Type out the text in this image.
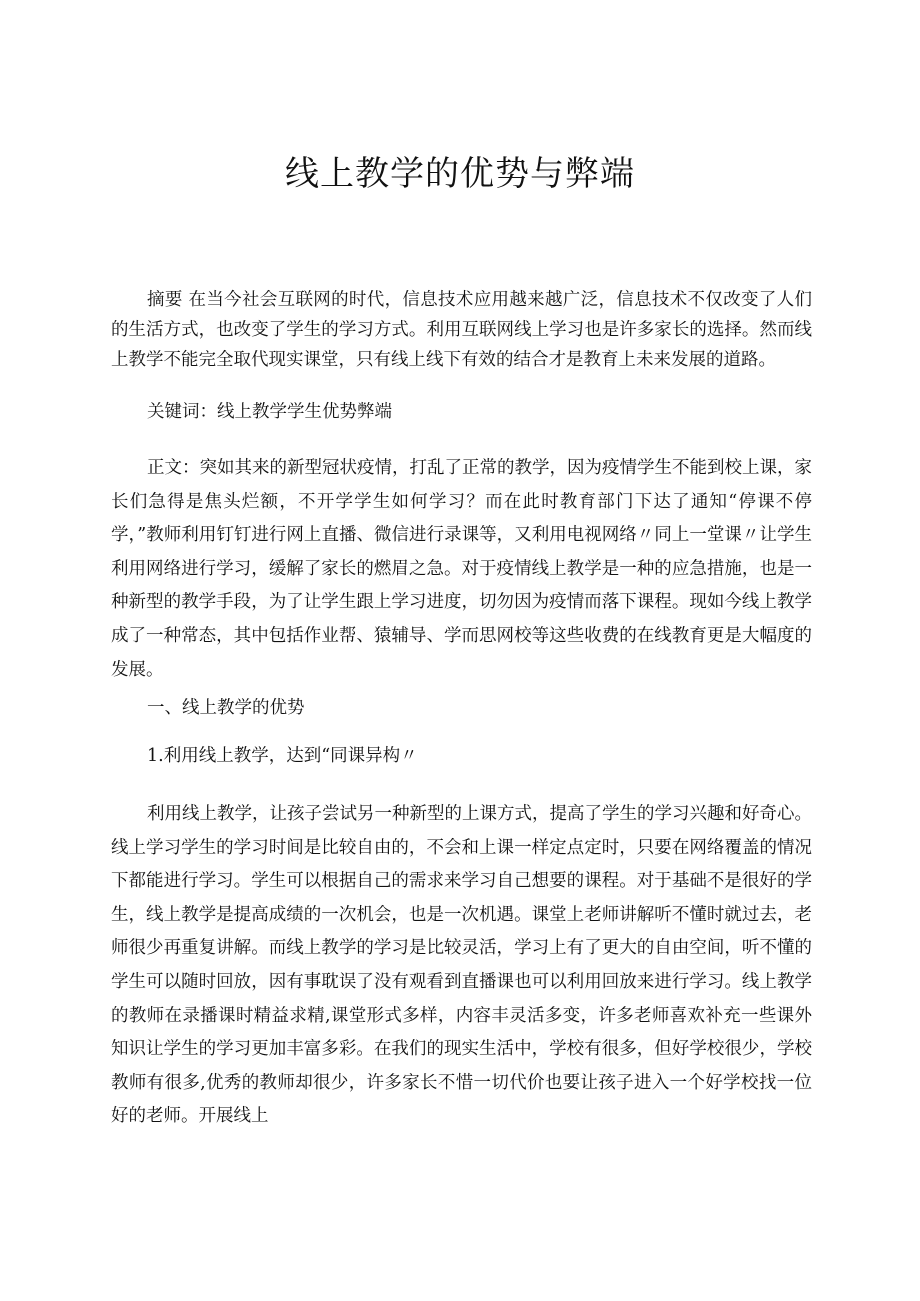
线上教学的优势与弊端

摘要 在当今社会互联网的时代，信息技术应用越来越广泛，信息技术不仅改变了人们的生活方式，也改变了学生的学习方式。利用互联网线上学习也是许多家长的选择。然而线上教学不能完全取代现实课堂，只有线上线下有效的结合才是教育上未来发展的道路。

关键词：线上教学学生优势弊端

正文：突如其来的新型冠状疫情，打乱了正常的教学，因为疫情学生不能到校上课，家长们急得是焦头烂额，不开学学生如何学习？而在此时教育部门下达了通知“停课不停学，”教师利用钉钉进行网上直播、微信进行录课等，又利用电视网络〃同上一堂课〃让学生利用网络进行学习，缓解了家长的燃眉之急。对于疫情线上教学是一种的应急措施，也是一种新型的教学手段，为了让学生跟上学习进度，切勿因为疫情而落下课程。现如今线上教学成了一种常态，其中包括作业帮、猿辅导、学而思网校等这些收费的在线教育更是大幅度的发展。

一、线上教学的优势

1.利用线上教学，达到“同课异构〃

利用线上教学，让孩子尝试另一种新型的上课方式，提高了学生的学习兴趣和好奇心。线上学习学生的学习时间是比较自由的，不会和上课一样定点定时，只要在网络覆盖的情况下都能进行学习。学生可以根据自己的需求来学习自己想要的课程。对于基础不是很好的学生，线上教学是提高成绩的一次机会，也是一次机遇。课堂上老师讲解听不懂时就过去，老师很少再重复讲解。而线上教学的学习是比较灵活，学习上有了更大的自由空间，听不懂的学生可以随时回放，因有事耽误了没有观看到直播课也可以利用回放来进行学习。线上教学的教师在录播课时精益求精,课堂形式多样，内容丰灵活多变，许多老师喜欢补充一些课外知识让学生的学习更加丰富多彩。在我们的现实生活中，学校有很多，但好学校很少，学校教师有很多,优秀的教师却很少，许多家长不惜一切代价也要让孩子进入一个好学校找一位好的老师。开展线上
